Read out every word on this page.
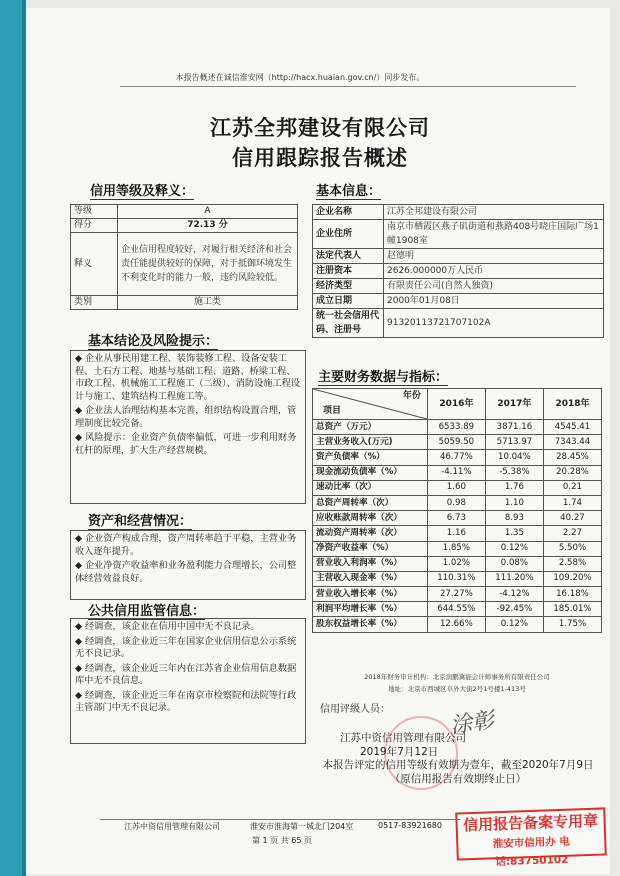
本报告概述在诚信淮安网（http://hacx.huaian.gov.cn/）同步发布。
江苏全邦建设有限公司
信用跟踪报告概述
信用等级及释义：
等级	A
得分	72.13 分
释义	企业信用程度较好，对履行相关经济和社会责任能提供较好的保障，对于抵御环境发生不利变化时的能力一般，违约风险较低。
类别	施工类
基本信息：
企业名称	江苏全邦建设有限公司
企业住所	南京市栖霞区燕子矶街道和燕路408号晓庄国际广场1幢1908室
法定代表人	赵德明
注册资本	2626.000000万人民币
经济类型	有限责任公司(自然人独资)
成立日期	2000年01月08日
统一社会信用代码、注册号	91320113721707102A
基本结论及风险提示：

◆ 企业从事民用建工程、装饰装修工程、设备安装工程、土石方工程、地基与基础工程、道路、桥梁工程、市政工程、机械施工工程施工（二级）、消防设施工程设计与施工、建筑结构工程施工等。

◆ 企业法人治理结构基本完善，组织结构设置合理，管理制度比较完备。

◆ 风险提示：企业资产负债率偏低，可进一步利用财务杠杆的原理，扩大生产经营规模。

资产和经营情况：

◆ 企业资产构成合理，资产周转率趋于平稳，主营业务收入逐年提升。

◆ 企业净资产收益率和业务盈利能力合理增长，公司整体经营效益良好。

公共信用监管信息：

◆ 经调查，该企业在信用中国中无不良记录。

◆ 经调查，该企业近三年在国家企业信用信息公示系统无不良记录。

◆ 经调查，该企业近三年内在江苏省企业信用信息数据库中无不良信息。

◆ 经调查，该企业近三年在南京市检察院和法院等行政主管部门中无不良记录。

主要财务数据与指标：
年份
项目	2016年	2017年	2018年
总资产（万元）	6533.89	3871.16	4545.41
主营业务收入(万元)	5059.50	5713.97	7343.44
资产负债率（%）	46.77%	10.04%	28.45%
现金流动负债率（%）	-4.11%	-5.38%	20.28%
速动比率（次）	1.60	1.76	0.21
总资产周转率（次）	0.98	1.10	1.74
应收账款周转率（次）	6.73	8.93	40.27
流动资产周转率（次）	1.16	1.35	2.27
净资产收益率（%）	1.85%	0.12%	5.50%
营业收入利润率（%）	1.02%	0.08%	2.58%
主营收入现金率（%）	110.31%	111.20%	109.20%
营业收入增长率（%）	27.27%	-4.12%	16.18%
利润平均增长率（%）	644.55%	-92.45%	185.01%
股东权益增长率（%）	12.66%	0.12%	1.75%
2018年财务审计机构：北京润鹏冀能会计师事务所有限责任公司
地址：北京市西城区阜外大街2号1号楼1-413号
信用评级人员：	涂彰
江苏中资信用管理有限公司
2019年7月12日
本报告评定的信用等级有效期为壹年，截至2020年7月9日（原信用报告有效期终止日）
信用报告备案专用章
淮安市信用办 电话:83750102
江苏中资信用管理有限公司	淮安市淮海第一城北门204室	0517-83921680
第 1 页 共 65 页
